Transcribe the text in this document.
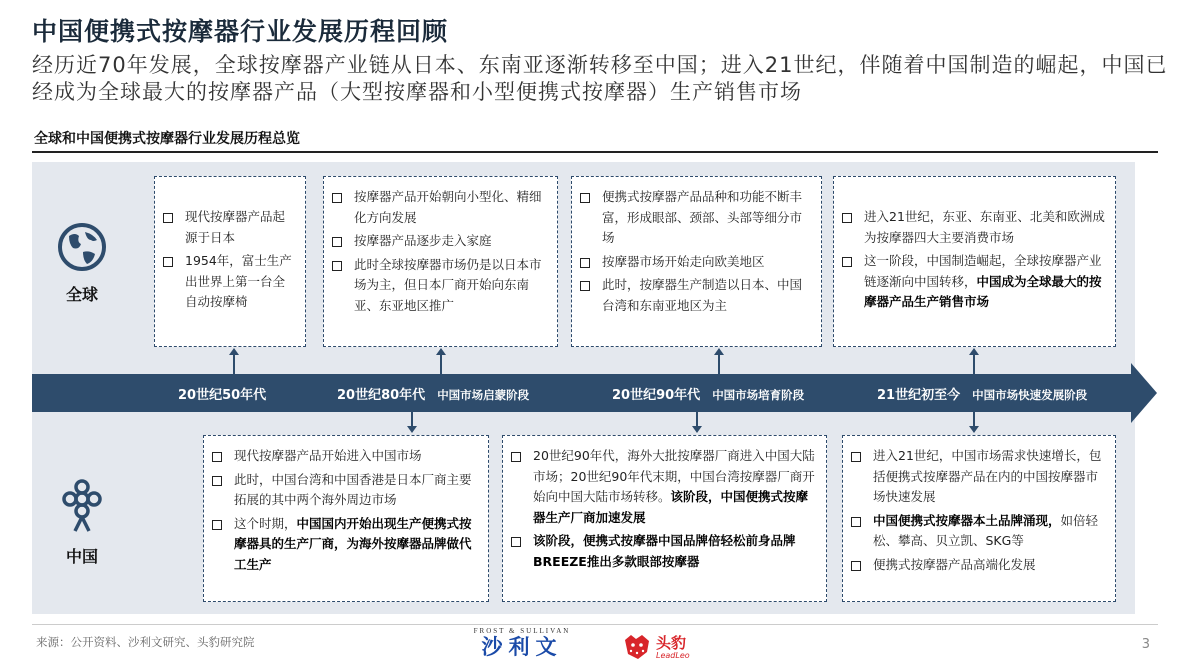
中国便携式按摩器行业发展历程回顾
经历近70年发展，全球按摩器产业链从日本、东南亚逐渐转移至中国；进入21世纪，伴随着中国制造的崛起，中国已经成为全球最大的按摩器产品（大型按摩器和小型便携式按摩器）生产销售市场
全球和中国便携式按摩器行业发展历程总览
全球
中国
现代按摩器产品起源于日本
1954年，富士生产出世界上第一台全自动按摩椅
按摩器产品开始朝向小型化、精细化方向发展
按摩器产品逐步走入家庭
此时全球按摩器市场仍是以日本市场为主，但日本厂商开始向东南亚、东亚地区推广
便携式按摩器产品品种和功能不断丰富，形成眼部、颈部、头部等细分市场
按摩器市场开始走向欧美地区
此时，按摩器生产制造以日本、中国台湾和东南亚地区为主
进入21世纪，东亚、东南亚、北美和欧洲成为按摩器四大主要消费市场
这一阶段，中国制造崛起，全球按摩器产业链逐渐向中国转移，中国成为全球最大的按摩器产品生产销售市场
20世纪50年代	20世纪80年代 中国市场启蒙阶段	20世纪90年代 中国市场培育阶段	21世纪初至今 中国市场快速发展阶段
现代按摩器产品开始进入中国市场
此时，中国台湾和中国香港是日本厂商主要拓展的其中两个海外周边市场
这个时期，中国国内开始出现生产便携式按摩器具的生产厂商，为海外按摩器品牌做代工生产
20世纪90年代，海外大批按摩器厂商进入中国大陆市场；20世纪90年代末期，中国台湾按摩器厂商开始向中国大陆市场转移。该阶段，中国便携式按摩器生产厂商加速发展
该阶段，便携式按摩器中国品牌倍轻松前身品牌BREEZE推出多款眼部按摩器
进入21世纪，中国市场需求快速增长，包括便携式按摩器产品在内的中国按摩器市场快速发展
中国便携式按摩器本土品牌涌现，如倍轻松、攀高、贝立凯、SKG等
便携式按摩器产品高端化发展
来源：公开资料、沙利文研究、头豹研究院
FROST & SULLIVAN
沙利文	头豹
LeadLeo
3
